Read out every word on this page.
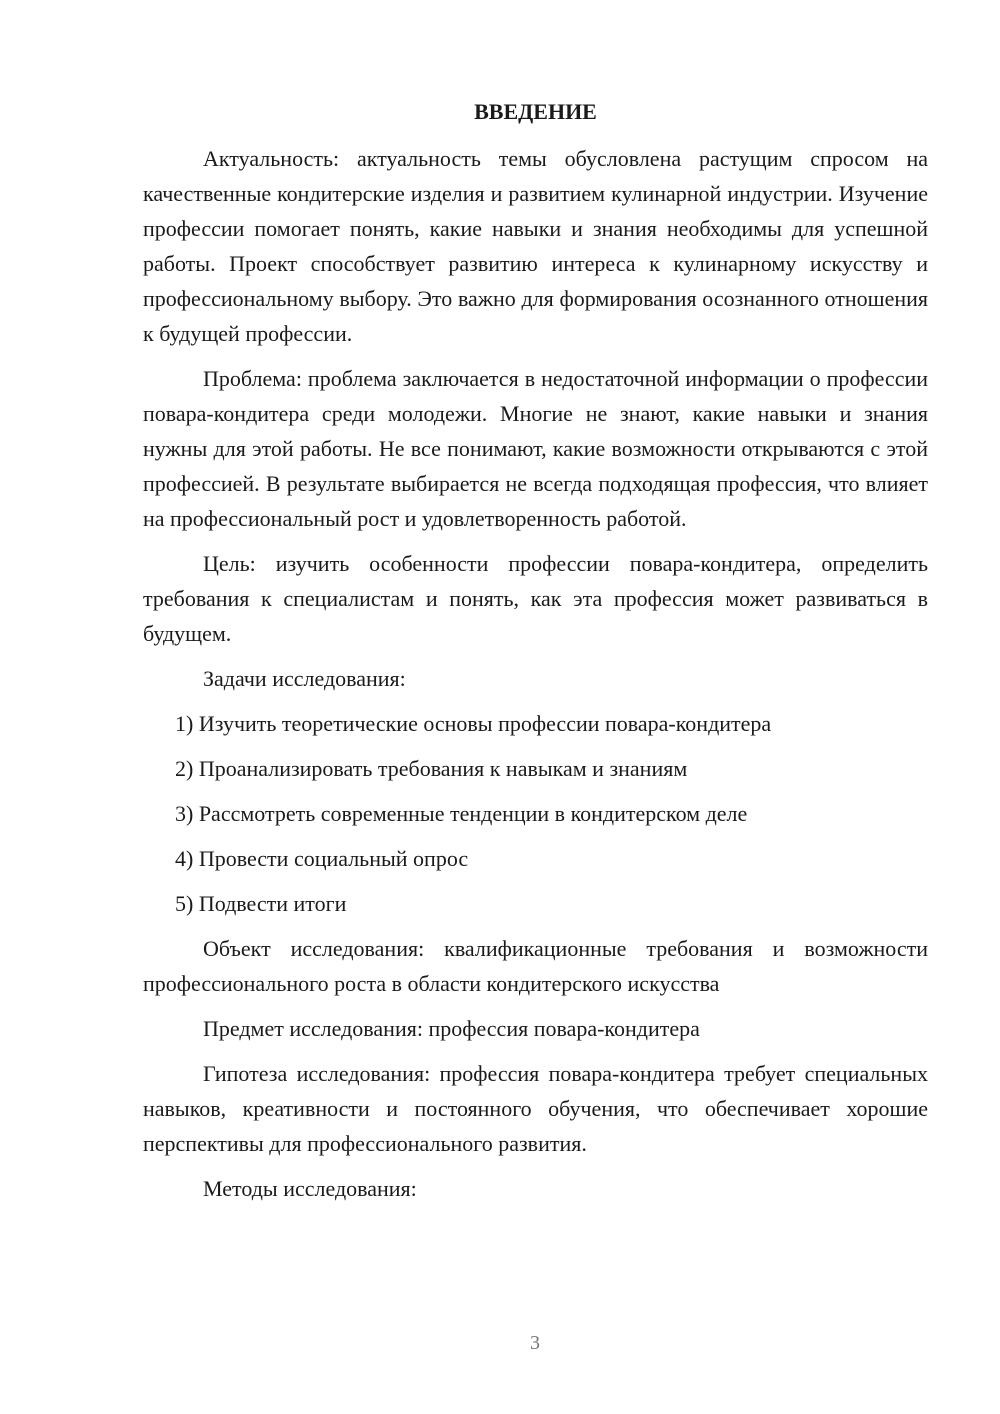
ВВЕДЕНИЕ

Актуальность: актуальность темы обусловлена растущим спросом на качественные кондитерские изделия и развитием кулинарной индустрии. Изучение профессии помогает понять, какие навыки и знания необходимы для успешной работы. Проект способствует развитию интереса к кулинарному искусству и профессиональному выбору. Это важно для формирования осознанного отношения к будущей профессии.

Проблема: проблема заключается в недостаточной информации о профессии повара-кондитера среди молодежи. Многие не знают, какие навыки и знания нужны для этой работы. Не все понимают, какие возможности открываются с этой профессией. В результате выбирается не всегда подходящая профессия, что влияет на профессиональный рост и удовлетворенность работой.

Цель: изучить особенности профессии повара-кондитера, определить требования к специалистам и понять, как эта профессия может развиваться в будущем.

Задачи исследования:

1) Изучить теоретические основы профессии повара-кондитера
2) Проанализировать требования к навыкам и знаниям
3) Рассмотреть современные тенденции в кондитерском деле
4) Провести социальный опрос
5) Подвести итоги

Объект исследования: квалификационные требования и возможности профессионального роста в области кондитерского искусства

Предмет исследования: профессия повара-кондитера

Гипотеза исследования: профессия повара-кондитера требует специальных навыков, креативности и постоянного обучения, что обеспечивает хорошие перспективы для профессионального развития.

Методы исследования:

3
